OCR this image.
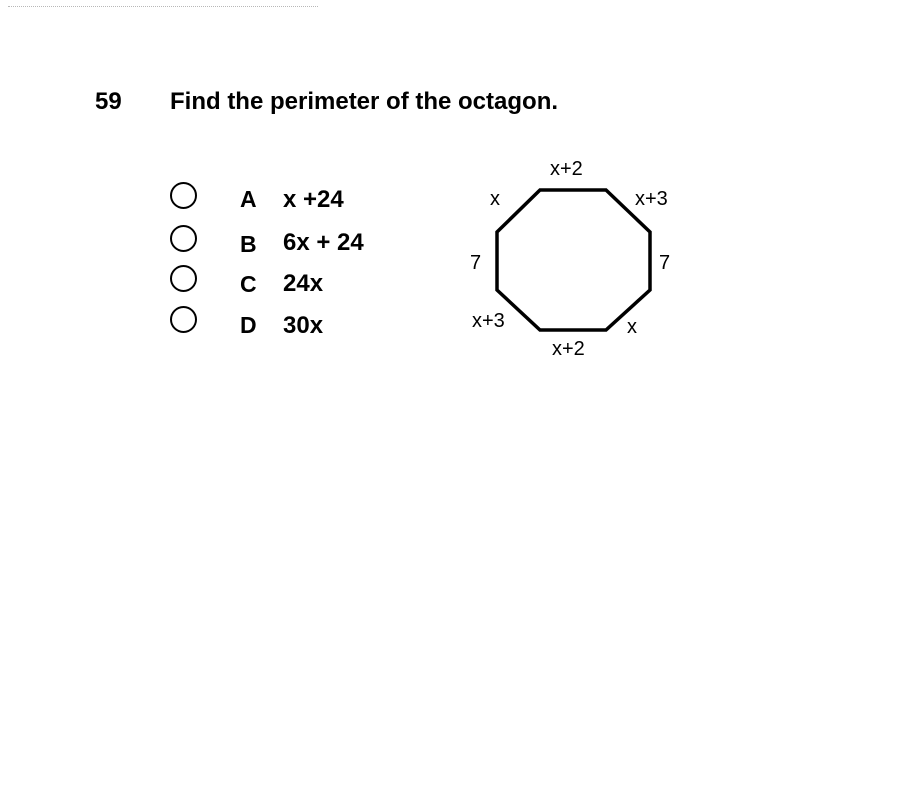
59 Find the perimeter of the octagon.
A x +24
B 6x + 24
C 24x
D 30x
x+2
x	x+3
7	7
x+3	x
x+2
